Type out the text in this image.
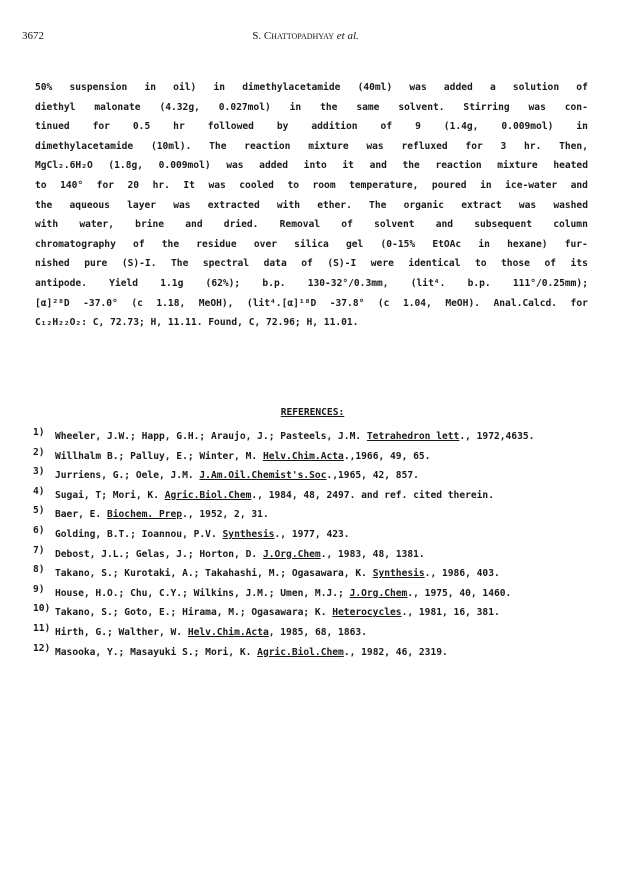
3672	S. Chattopadhyay et al.
50% suspension in oil) in dimethylacetamide (40ml) was added a solution of
diethyl malonate (4.32g, 0.027mol) in the same solvent. Stirring was con-
tinued for 0.5 hr followed by addition of 9 (1.4g, 0.009mol) in
dimethylacetamide (10ml). The reaction mixture was refluxed for 3 hr. Then,
MgCl₂.6H₂O (1.8g, 0.009mol) was added into it and the reaction mixture heated
to 140° for 20 hr. It was cooled to room temperature, poured in ice-water and
the aqueous layer was extracted with ether. The organic extract was washed
with water, brine and dried. Removal of solvent and subsequent column
chromatography of the residue over silica gel (0-15% EtOAc in hexane) fur-
nished pure (S)-I. The spectral data of (S)-I were identical to those of its
antipode. Yield 1.1g (62%); b.p. 130-32°/0.3mm, (lit⁴. b.p. 111°/0.25mm);
[α]²⁸D -37.0° (c 1.18, MeOH), (lit⁴.[α]¹⁸D -37.8° (c 1.04, MeOH). Anal.Calcd. for
C₁₂H₂₂O₂: C, 72.73; H, 11.11. Found, C, 72.96; H, 11.01.
REFERENCES:
1) Wheeler, J.W.; Happ, G.H.; Araujo, J.; Pasteels, J.M. Tetrahedron lett., 1972,4635.
2) Willhalm B.; Palluy, E.; Winter, M. Helv.Chim.Acta.,1966, 49, 65.
3) Jurriens, G.; Oele, J.M. J.Am.Oil.Chemist's.Soc.,1965, 42, 857.
4) Sugai, T; Mori, K. Agric.Biol.Chem., 1984, 48, 2497. and ref. cited therein.
5) Baer, E. Biochem. Prep., 1952, 2, 31.
6) Golding, B.T.; Ioannou, P.V. Synthesis., 1977, 423.
7) Debost, J.L.; Gelas, J.; Horton, D. J.Org.Chem., 1983, 48, 1381.
8) Takano, S.; Kurotaki, A.; Takahashi, M.; Ogasawara, K. Synthesis., 1986, 403.
9) House, H.O.; Chu, C.Y.; Wilkins, J.M.; Umen, M.J.; J.Org.Chem., 1975, 40, 1460.
10) Takano, S.; Goto, E.; Hirama, M.; Ogasawara; K. Heterocycles., 1981, 16, 381.
11) Hirth, G.; Walther, W. Helv.Chim.Acta, 1985, 68, 1863.
12) Masooka, Y.; Masayuki S.; Mori, K. Agric.Biol.Chem., 1982, 46, 2319.
